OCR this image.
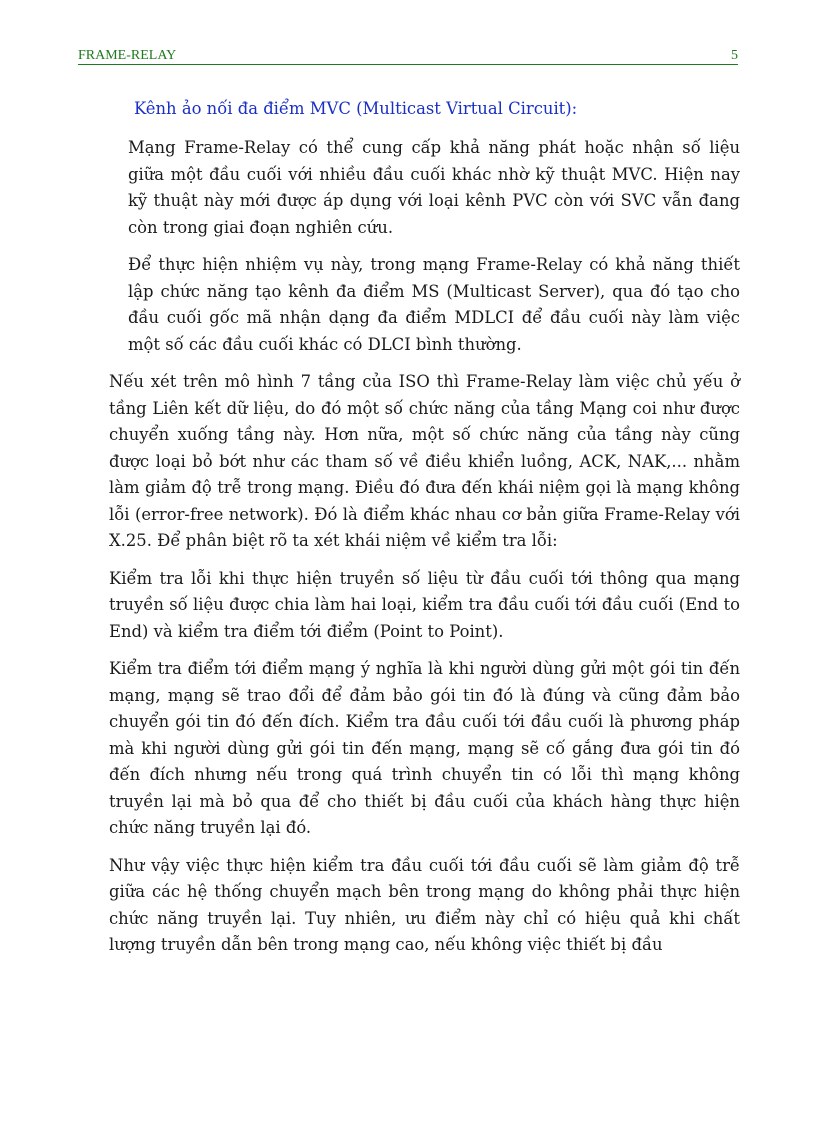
FRAME-RELAY	5
Kênh ảo nối đa điểm MVC (Multicast Virtual Circuit):

Mạng Frame-Relay có thể cung cấp khả năng phát hoặc nhận số liệu giữa một đầu cuối với nhiều đầu cuối khác nhờ kỹ thuật MVC. Hiện nay kỹ thuật này mới được áp dụng với loại kênh PVC còn với SVC vẫn đang còn trong giai đoạn nghiên cứu.

Để thực hiện nhiệm vụ này, trong mạng Frame-Relay có khả năng thiết lập chức năng tạo kênh đa điểm MS (Multicast Server), qua đó tạo cho đầu cuối gốc mã nhận dạng đa điểm MDLCI để đầu cuối này làm việc một số các đầu cuối khác có DLCI bình thường.

Nếu xét trên mô hình 7 tầng của ISO thì Frame-Relay làm việc chủ yếu ở tầng Liên kết dữ liệu, do đó một số chức năng của tầng Mạng coi như được chuyển xuống tầng này. Hơn nữa, một số chức năng của tầng này cũng được loại bỏ bớt như các tham số về điều khiển luồng, ACK, NAK,... nhằm làm giảm độ trễ trong mạng. Điều đó đưa đến khái niệm gọi là mạng không lỗi (error-free network). Đó là điểm khác nhau cơ bản giữa Frame-Relay với X.25. Để phân biệt rõ ta xét khái niệm về kiểm tra lỗi:

Kiểm tra lỗi khi thực hiện truyền số liệu từ đầu cuối tới thông qua mạng truyền số liệu được chia làm hai loại, kiểm tra đầu cuối tới đầu cuối (End to End) và kiểm tra điểm tới điểm (Point to Point).

Kiểm tra điểm tới điểm mạng ý nghĩa là khi người dùng gửi một gói tin đến mạng, mạng sẽ trao đổi để đảm bảo gói tin đó là đúng và cũng đảm bảo chuyển gói tin đó đến đích. Kiểm tra đầu cuối tới đầu cuối là phương pháp mà khi người dùng gửi gói tin đến mạng, mạng sẽ cố gắng đưa gói tin đó đến đích nhưng nếu trong quá trình chuyển tin có lỗi thì mạng không truyền lại mà bỏ qua để cho thiết bị đầu cuối của khách hàng thực hiện chức năng truyền lại đó.

Như vậy việc thực hiện kiểm tra đầu cuối tới đầu cuối sẽ làm giảm độ trễ giữa các hệ thống chuyển mạch bên trong mạng do không phải thực hiện chức năng truyền lại. Tuy nhiên, ưu điểm này chỉ có hiệu quả khi chất lượng truyền dẫn bên trong mạng cao, nếu không việc thiết bị đầu
